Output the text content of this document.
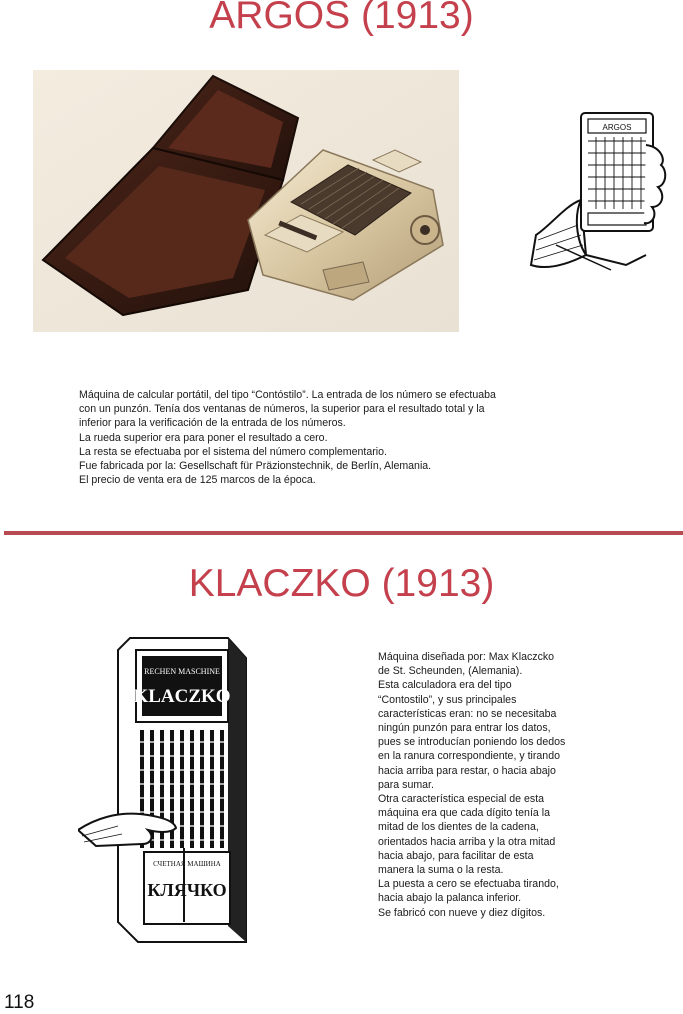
ARGOS (1913)
ARGOS

Máquina de calcular portátil, del tipo “Contóstilo”. La entrada de los número se efectuaba

con un punzón. Tenía dos ventanas de números, la superior para el resultado total y la

inferior para la verificación de la entrada de los números.

La rueda superior era para poner el resultado a cero.

La resta se efectuaba por el sistema del número complementario.

Fue fabricada por la: Gesellschaft für Präzionstechnik, de Berlín, Alemania.

El precio de venta era de 125 marcos de la época.

KLACZKO (1913)
RECHEN MASCHINE
KLACZKO
СЧЕТНАЯ МАШИНА
КЛЯЧКО

Máquina diseñada por: Max Klaczcko

de St. Scheunden, (Alemania).

Esta calculadora era del tipo

“Contostilo”, y sus principales

características eran: no se necesitaba

ningún punzón para entrar los datos,

pues se introducían poniendo los dedos

en la ranura correspondiente, y tirando

hacia arriba para restar, o hacia abajo

para sumar.

Otra característica especial de esta

máquina era que cada dígito tenía la

mitad de los dientes de la cadena,

orientados hacia arriba y la otra mitad

hacia abajo, para facilitar de esta

manera la suma o la resta.

La puesta a cero se efectuaba tirando,

hacia abajo la palanca inferior.

Se fabricó con nueve y diez dígitos.

118
